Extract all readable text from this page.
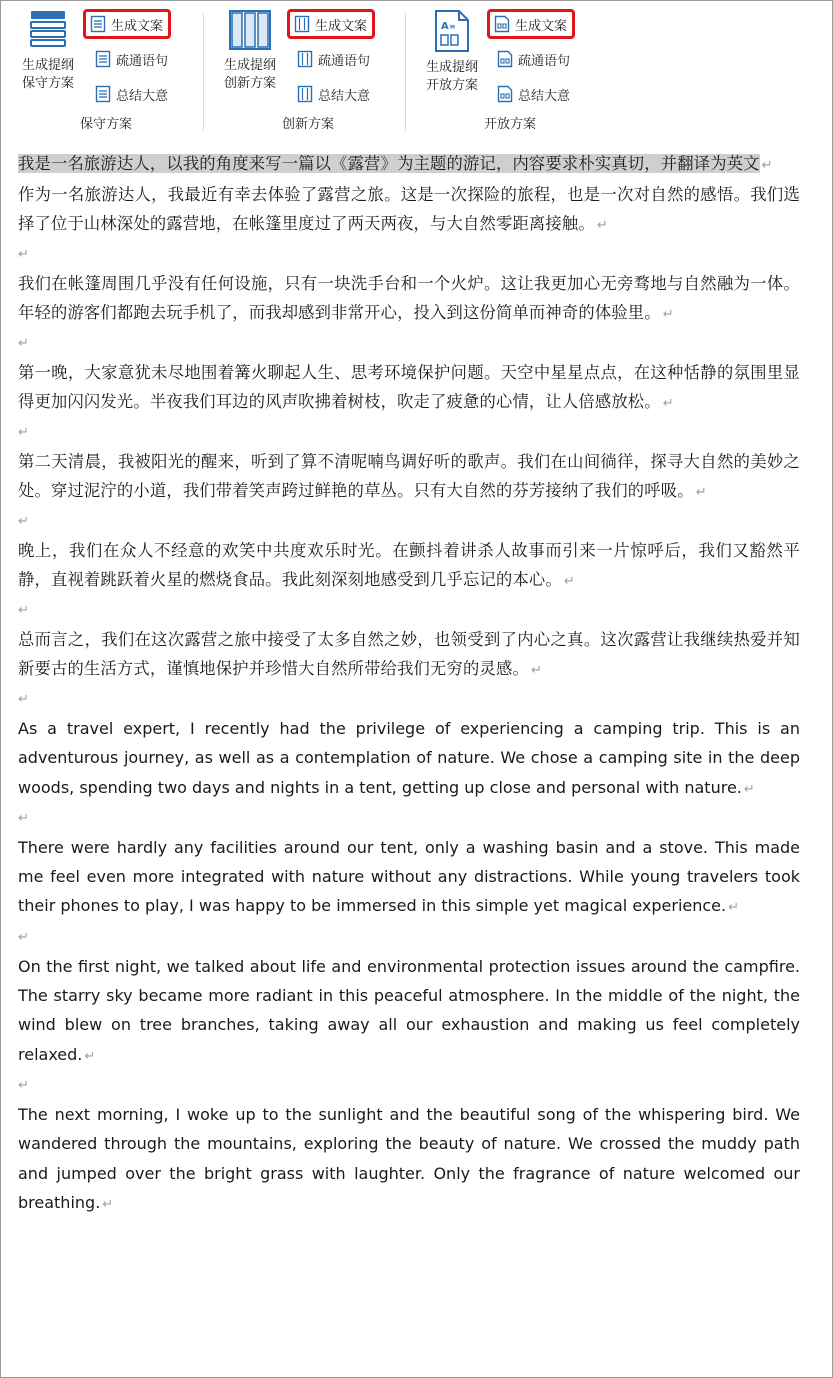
生成提纲
保守方案
生成文案
疏通语句
总结大意
保守方案
生成提纲
创新方案
生成文案
疏通语句
总结大意
创新方案
A ≡
生成提纲
开放方案
生成文案
疏通语句
总结大意
开放方案

我是一名旅游达人，以我的角度来写一篇以《露营》为主题的游记，内容要求朴实真切，并翻译为英文 ↵

作为一名旅游达人，我最近有幸去体验了露营之旅。这是一次探险的旅程，也是一次对自然的感悟。我们选择了位于山林深处的露营地，在帐篷里度过了两天两夜，与大自然零距离接触。 ↵

↵

我们在帐篷周围几乎没有任何设施，只有一块洗手台和一个火炉。这让我更加心无旁骛地与自然融为一体。年轻的游客们都跑去玩手机了，而我却感到非常开心，投入到这份简单而神奇的体验里。 ↵

↵

第一晚，大家意犹未尽地围着篝火聊起人生、思考环境保护问题。天空中星星点点，在这种恬静的氛围里显得更加闪闪发光。半夜我们耳边的风声吹拂着树枝，吹走了疲惫的心情，让人倍感放松。 ↵

↵

第二天清晨，我被阳光的醒来，听到了算不清呢喃鸟调好听的歌声。我们在山间徜徉，探寻大自然的美妙之处。穿过泥泞的小道，我们带着笑声跨过鲜艳的草丛。只有大自然的芬芳接纳了我们的呼吸。 ↵

↵

晚上，我们在众人不经意的欢笑中共度欢乐时光。在颤抖着讲杀人故事而引来一片惊呼后，我们又豁然平静，直视着跳跃着火星的燃烧食品。我此刻深刻地感受到几乎忘记的本心。 ↵

↵

总而言之，我们在这次露营之旅中接受了太多自然之妙，也领受到了内心之真。这次露营让我继续热爱并知新要古的生活方式，谨慎地保护并珍惜大自然所带给我们无穷的灵感。 ↵

↵

As a travel expert, I recently had the privilege of experiencing a camping trip. This is an adventurous journey, as well as a contemplation of nature. We chose a camping site in the deep woods, spending two days and nights in a tent, getting up close and personal with nature. ↵

↵

There were hardly any facilities around our tent, only a washing basin and a stove. This made me feel even more integrated with nature without any distractions. While young travelers took their phones to play, I was happy to be immersed in this simple yet magical experience. ↵

↵

On the first night, we talked about life and environmental protection issues around the campfire. The starry sky became more radiant in this peaceful atmosphere. In the middle of the night, the wind blew on tree branches, taking away all our exhaustion and making us feel completely relaxed. ↵

↵

The next morning, I woke up to the sunlight and the beautiful song of the whispering bird. We wandered through the mountains, exploring the beauty of nature. We crossed the muddy path and jumped over the bright grass with laughter. Only the fragrance of nature welcomed our breathing. ↵
